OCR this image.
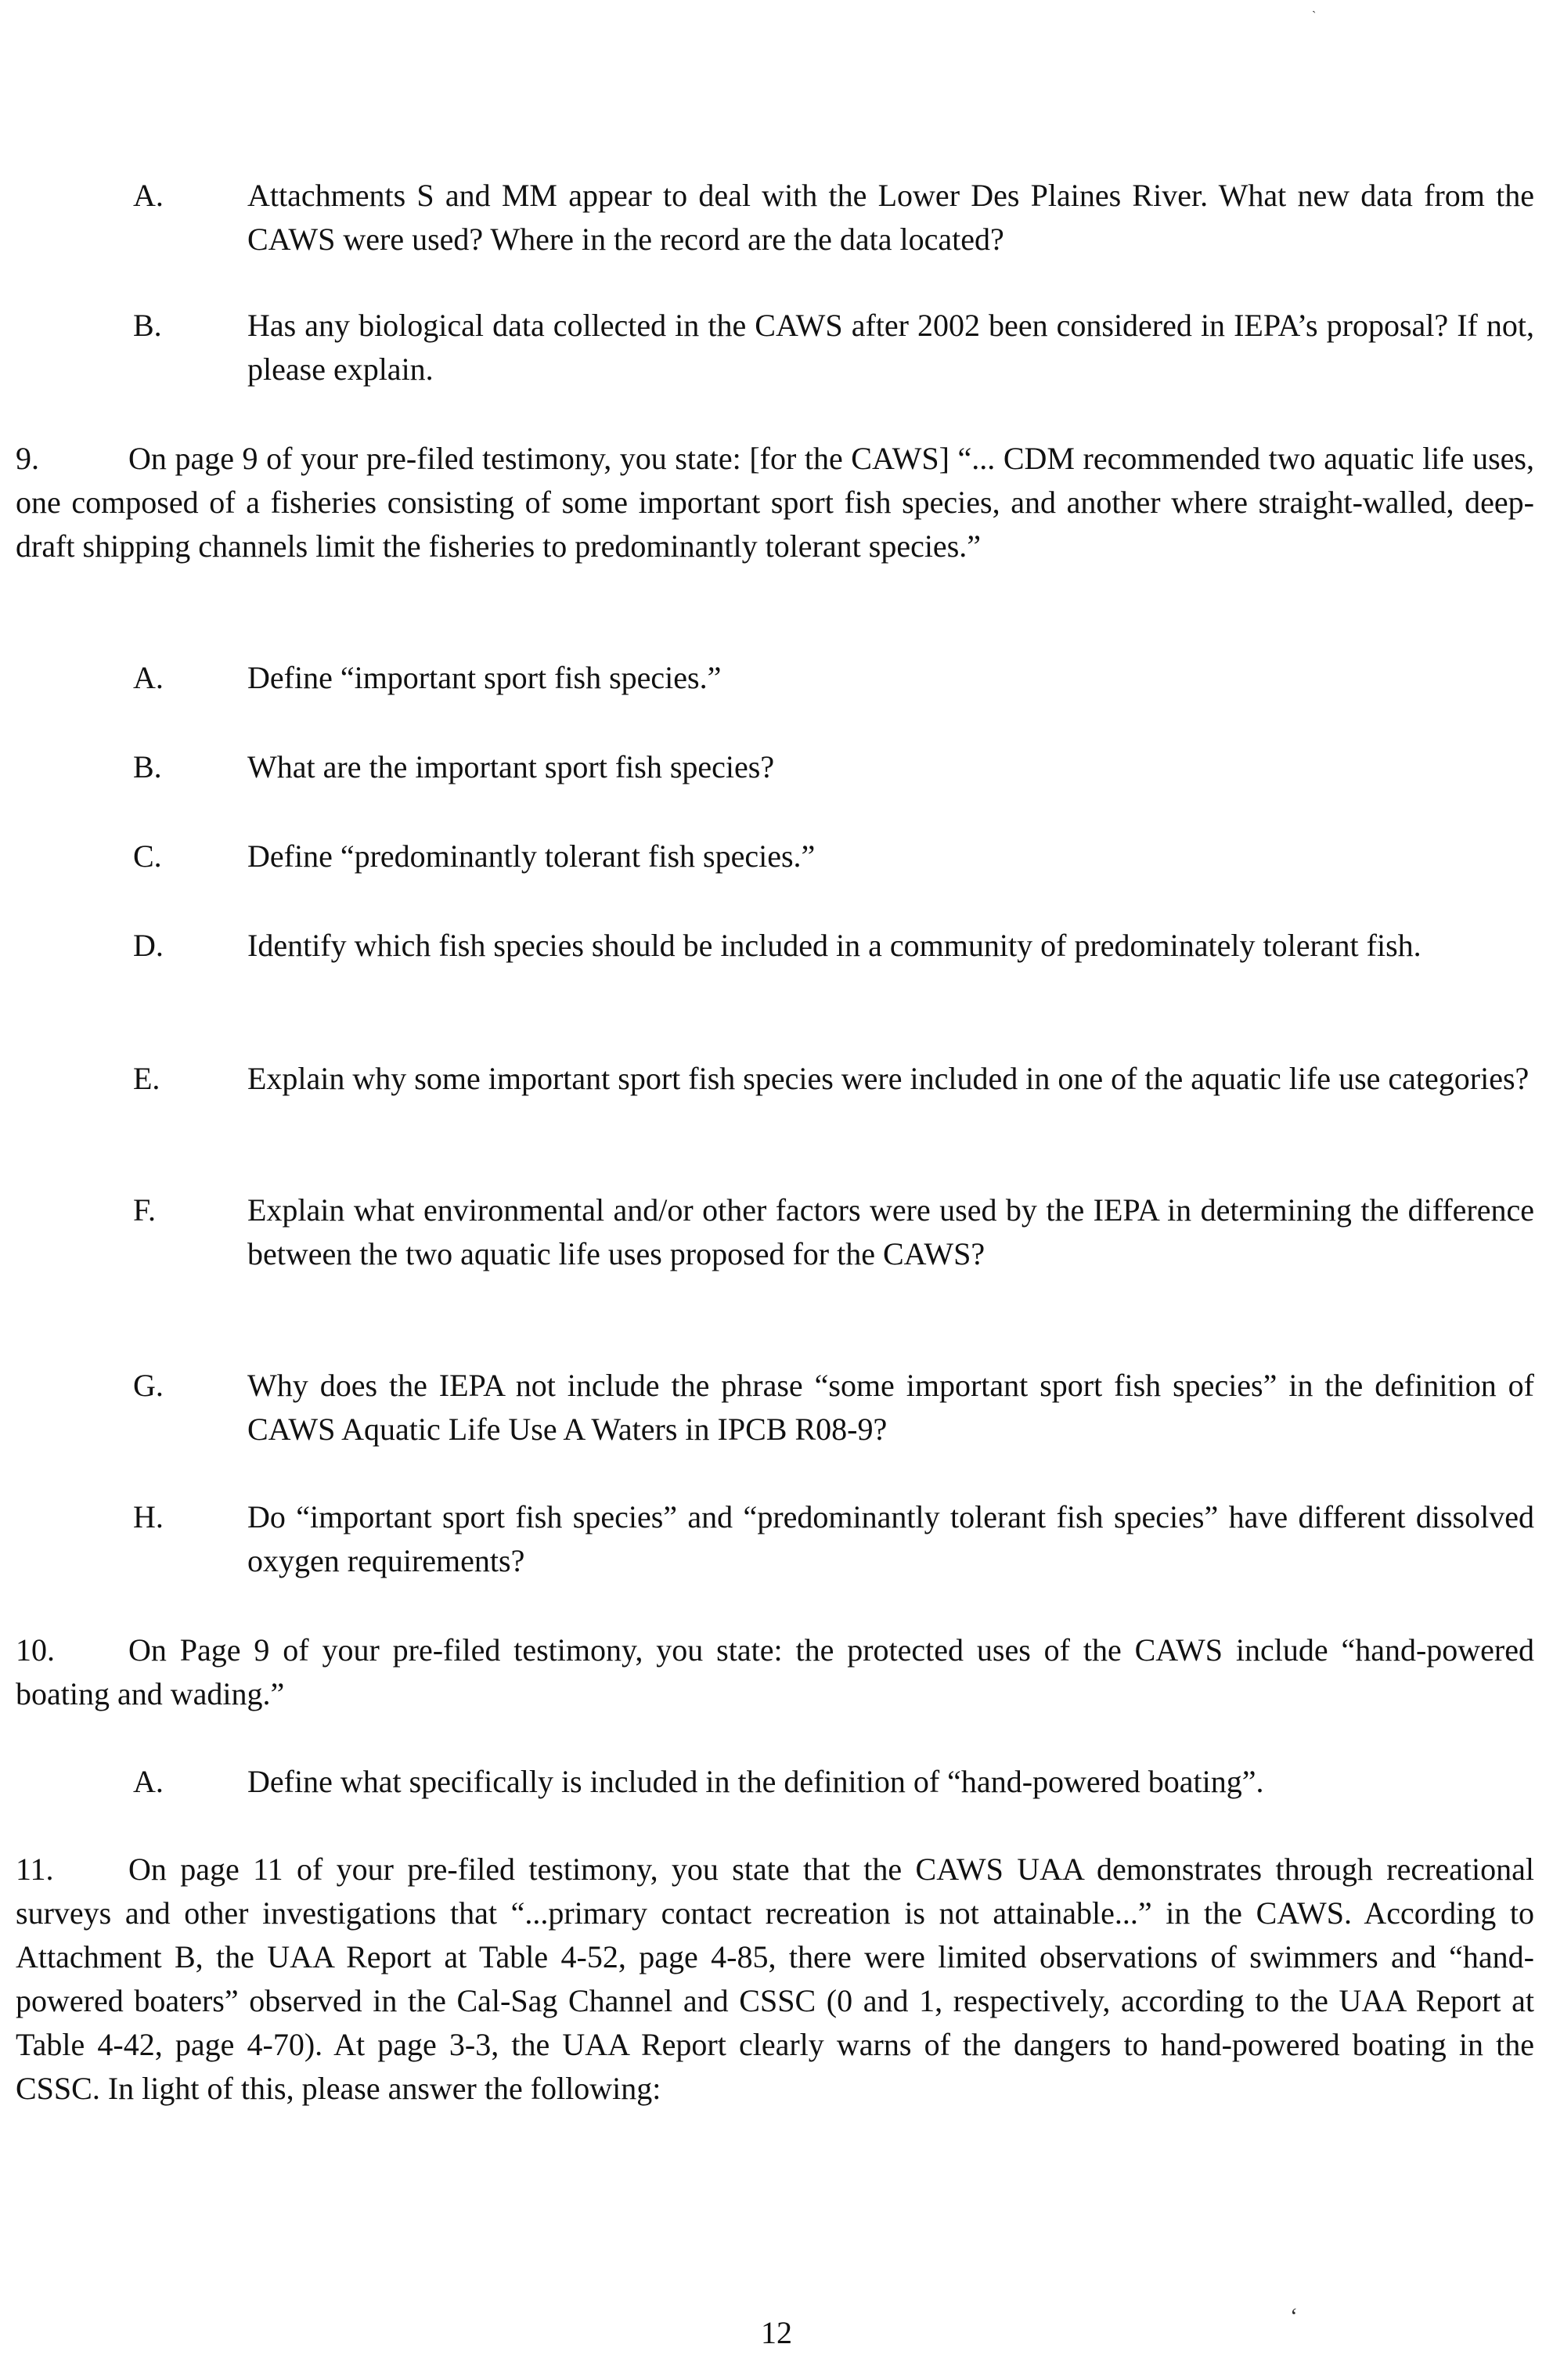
A.	Attachments S and MM appear to deal with the Lower Des Plaines River. What new data from the CAWS were used? Where in the record are the data located?
B.	Has any biological data collected in the CAWS after 2002 been considered in IEPA’s proposal? If not, please explain.
9.	On page 9 of your pre-filed testimony, you state: [for the CAWS] “... CDM recommended two aquatic life uses, one composed of a fisheries consisting of some important sport fish species, and another where straight-walled, deep-draft shipping channels limit the fisheries to predominantly tolerant species.”
A.	Define “important sport fish species.”
B.	What are the important sport fish species?
C.	Define “predominantly tolerant fish species.”
D.	Identify which fish species should be included in a community of predominately tolerant fish.
E.	Explain why some important sport fish species were included in one of the aquatic life use categories?
F.	Explain what environmental and/or other factors were used by the IEPA in determining the difference between the two aquatic life uses proposed for the CAWS?
G.	Why does the IEPA not include the phrase “some important sport fish species” in the definition of CAWS Aquatic Life Use A Waters in IPCB R08-9?
H.	Do “important sport fish species” and “predominantly tolerant fish species” have different dissolved oxygen requirements?
10. On Page 9 of your pre-filed testimony, you state: the protected uses of the CAWS include “hand-powered boating and wading.”
A.	Define what specifically is included in the definition of “hand-powered boating”.
11. On page 11 of your pre-filed testimony, you state that the CAWS UAA demonstrates through recreational surveys and other investigations that “...primary contact recreation is not attainable...” in the CAWS. According to Attachment B, the UAA Report at Table 4-52, page 4-85, there were limited observations of swimmers and “hand-powered boaters” observed in the Cal-Sag Channel and CSSC (0 and 1, respectively, according to the UAA Report at Table 4-42, page 4-70). At page 3-3, the UAA Report clearly warns of the dangers to hand-powered boating in the CSSC. In light of this, please answer the following:
12	‘
`
